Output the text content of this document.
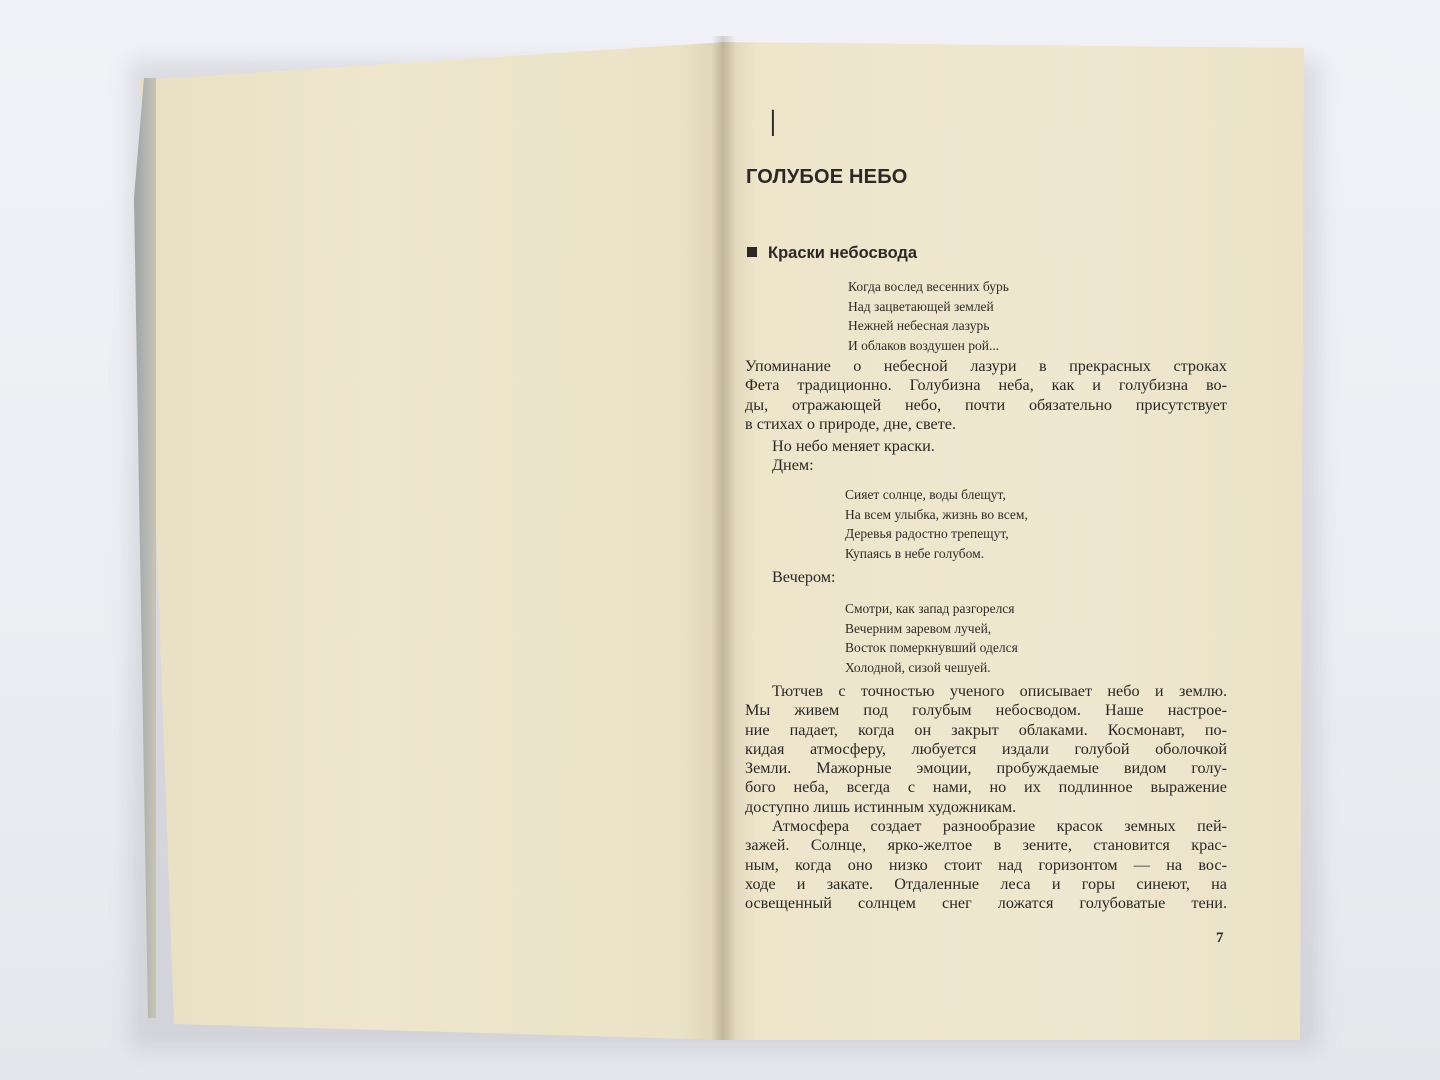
I
ГОЛУБОЕ НЕБО
Краски небосвода
Когда вослед весенних бурь
Над зацветающей землей
Нежней небесная лазурь
И облаков воздушен рой...
Упоминание о небесной лазури в прекрасных строках
Фета традиционно. Голубизна неба, как и голубизна во-
ды, отражающей небо, почти обязательно присутствует
в стихах о природе, дне, свете.
Но небо меняет краски.
Днем:
Сияет солнце, воды блещут,
На всем улыбка, жизнь во всем,
Деревья радостно трепещут,
Купаясь в небе голубом.
Вечером:
Смотри, как запад разгорелся
Вечерним заревом лучей,
Восток померкнувший оделся
Холодной, сизой чешуей.
Тютчев с точностью ученого описывает небо и землю.
Мы живем под голубым небосводом. Наше настрое-
ние падает, когда он закрыт облаками. Космонавт, по-
кидая атмосферу, любуется издали голубой оболочкой
Земли. Мажорные эмоции, пробуждаемые видом голу-
бого неба, всегда с нами, но их подлинное выражение
доступно лишь истинным художникам.
Атмосфера создает разнообразие красок земных пей-
зажей. Солнце, ярко-желтое в зените, становится крас-
ным, когда оно низко стоит над горизонтом — на вос-
ходе и закате. Отдаленные леса и горы синеют, на
освещенный солнцем снег ложатся голубоватые тени.
7
